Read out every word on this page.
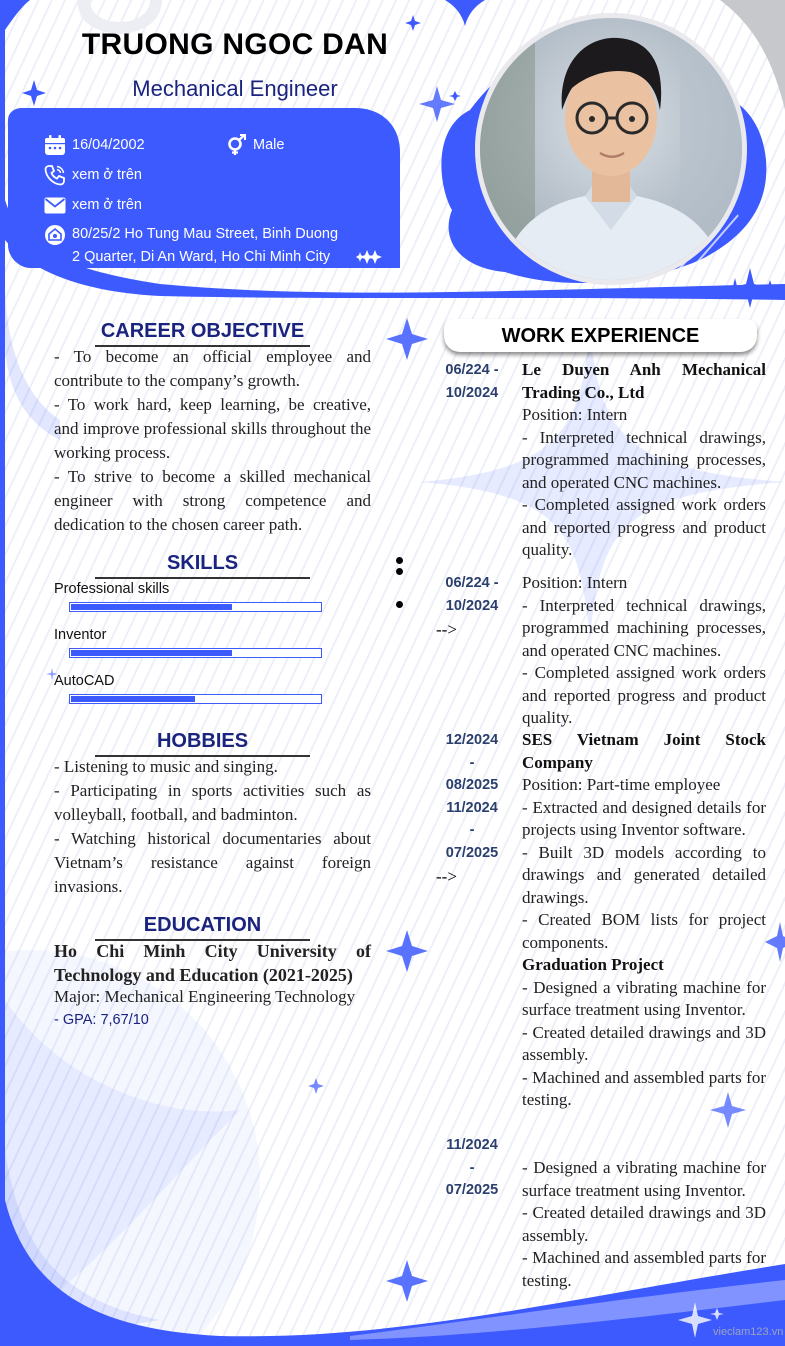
TRUONG NGOC DAN
Mechanical Engineer
16/04/2002	Male
xem ở trên
xem ở trên
80/25/2 Ho Tung Mau Street, Binh Duong
2 Quarter, Di An Ward, Ho Chi Minh City
CAREER OBJECTIVE

- To become an official employee and contribute to the company’s growth.

- To work hard, keep learning, be creative, and improve professional skills throughout the working process.

- To strive to become a skilled mechanical engineer with strong competence and dedication to the chosen career path.

SKILLS
Professional skills
Inventor
AutoCAD
HOBBIES

- Listening to music and singing.

- Participating in sports activities such as volleyball, football, and badminton.

- Watching historical documentaries about Vietnam’s resistance against foreign invasions.

EDUCATION
Ho Chi Minh City University of Technology and Education (2021-2025)
Major: Mechanical Engineering Technology
- GPA: 7,67/10
WORK EXPERIENCE
06/224 -
10/2024

Le Duyen Anh Mechanical Trading Co., Ltd

Position: Intern

- Interpreted technical drawings, programmed machining processes, and operated CNC machines.

- Completed assigned work orders and reported progress and product quality.

06/224 -
10/2024
-->

Position: Intern

- Interpreted technical drawings, programmed machining processes, and operated CNC machines.

- Completed assigned work orders and reported progress and product quality.

12/2024
-
08/2025
11/2024
-
07/2025
-->

SES Vietnam Joint Stock Company

Position: Part-time employee

- Extracted and designed details for projects using Inventor software.

- Built 3D models according to drawings and generated detailed drawings.

- Created BOM lists for project components.

Graduation Project

- Designed a vibrating machine for surface treatment using Inventor.

- Created detailed drawings and 3D assembly.

- Machined and assembled parts for testing.

11/2024
-
07/2025

- Designed a vibrating machine for surface treatment using Inventor.

- Created detailed drawings and 3D assembly.

- Machined and assembled parts for testing.

vieclam123.vn
